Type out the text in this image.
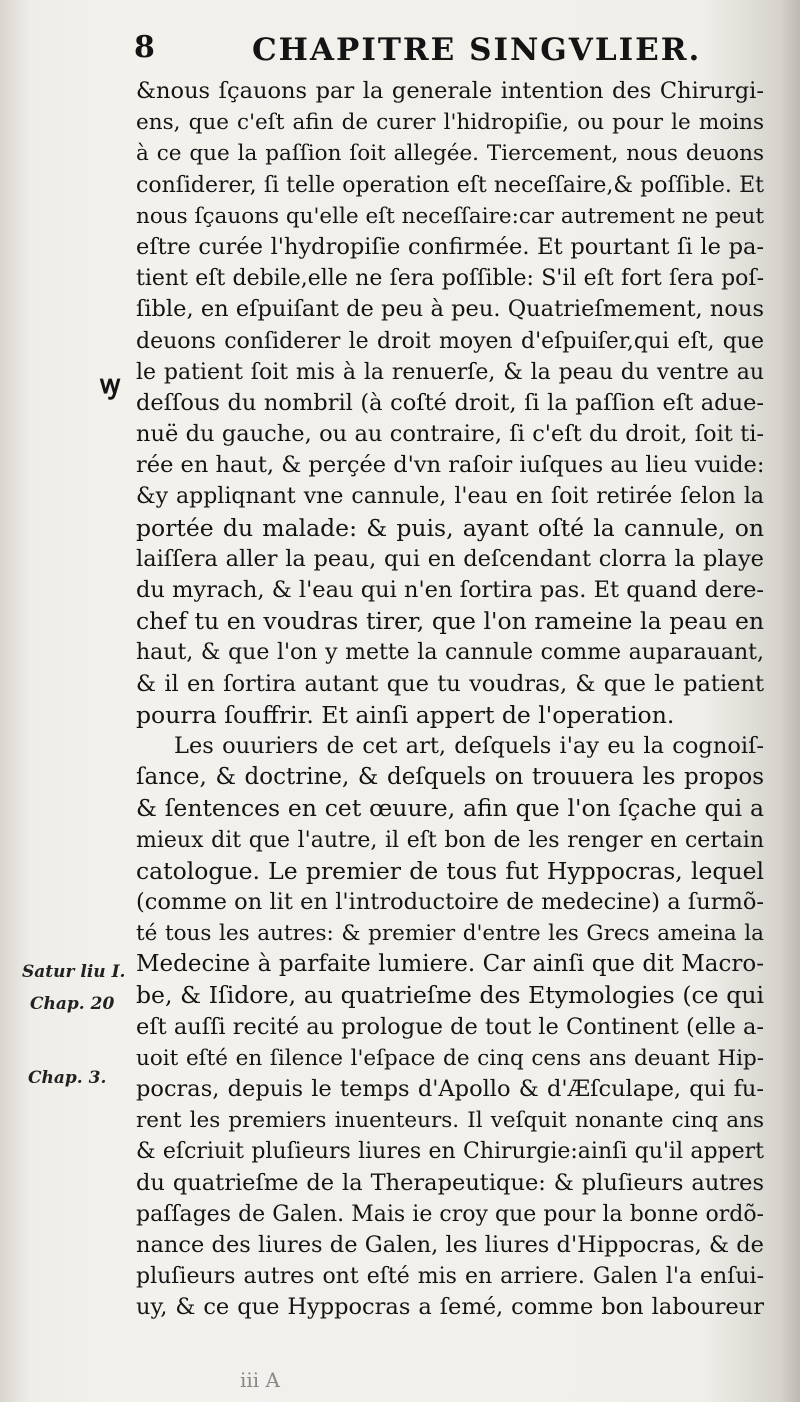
8	CHAPITRE SINGVLIER.
ꝡ
Satur liu I.
Chap. 20
Chap. 3.
&nous ſçauons par la generale intention des Chirurgi-
ens, que c'eſt afin de curer l'hidropiſie, ou pour le moins
à ce que la paſſion ſoit allegée. Tiercement, nous deuons
conſiderer, ſi telle operation eſt neceſſaire,& poſſible. Et
nous ſçauons qu'elle eſt neceſſaire:car autrement ne peut
eſtre curée l'hydropiſie confirmée. Et pourtant ſi le pa-
tient eſt debile,elle ne ſera poſſible: S'il eſt fort ſera poſ-
ſible, en eſpuiſant de peu à peu. Quatrieſmement, nous
deuons conſiderer le droit moyen d'eſpuiſer,qui eſt, que
le patient ſoit mis à la renuerſe, & la peau du ventre au
deſſous du nombril (à coſté droit, ſi la paſſion eſt adue-
nuë du gauche, ou au contraire, ſi c'eſt du droit, ſoit ti-
rée en haut, & perçée d'vn raſoir iuſques au lieu vuide:
&y appliqnant vne cannule, l'eau en ſoit retirée ſelon la
portée du malade: & puis, ayant oſté la cannule, on
laiſſera aller la peau, qui en deſcendant clorra la playe
du myrach, & l'eau qui n'en ſortira pas. Et quand dere-
chef tu en voudras tirer, que l'on rameine la peau en
haut, & que l'on y mette la cannule comme auparauant,
& il en ſortira autant que tu voudras, & que le patient
pourra ſouffrir. Et ainſi appert de l'operation.
Les ouuriers de cet art, deſquels i'ay eu la cognoiſ-
ſance, & doctrine, & deſquels on trouuera les propos
& ſentences en cet œuure, afin que l'on ſçache qui a
mieux dit que l'autre, il eſt bon de les renger en certain
catologue. Le premier de tous fut Hyppocras, lequel
(comme on lit en l'introductoire de medecine) a ſurmõ-
té tous les autres: & premier d'entre les Grecs ameina la
Medecine à parfaite lumiere. Car ainſi que dit Macro-
be, & Iſidore, au quatrieſme des Etymologies (ce qui
eſt auſſi recité au prologue de tout le Continent (elle a-
uoit eſté en ſilence l'eſpace de cinq cens ans deuant Hip-
pocras, depuis le temps d'Apollo & d'Æſculape, qui fu-
rent les premiers inuenteurs. Il veſquit nonante cinq ans
& eſcriuit pluſieurs liures en Chirurgie:ainſi qu'il appert
du quatrieſme de la Therapeutique: & pluſieurs autres
paſſages de Galen. Mais ie croy que pour la bonne ordõ-
nance des liures de Galen, les liures d'Hippocras, & de
pluſieurs autres ont eſté mis en arriere. Galen l'a enſui-
uy, & ce que Hyppocras a ſemé, comme bon laboureur
iii A
